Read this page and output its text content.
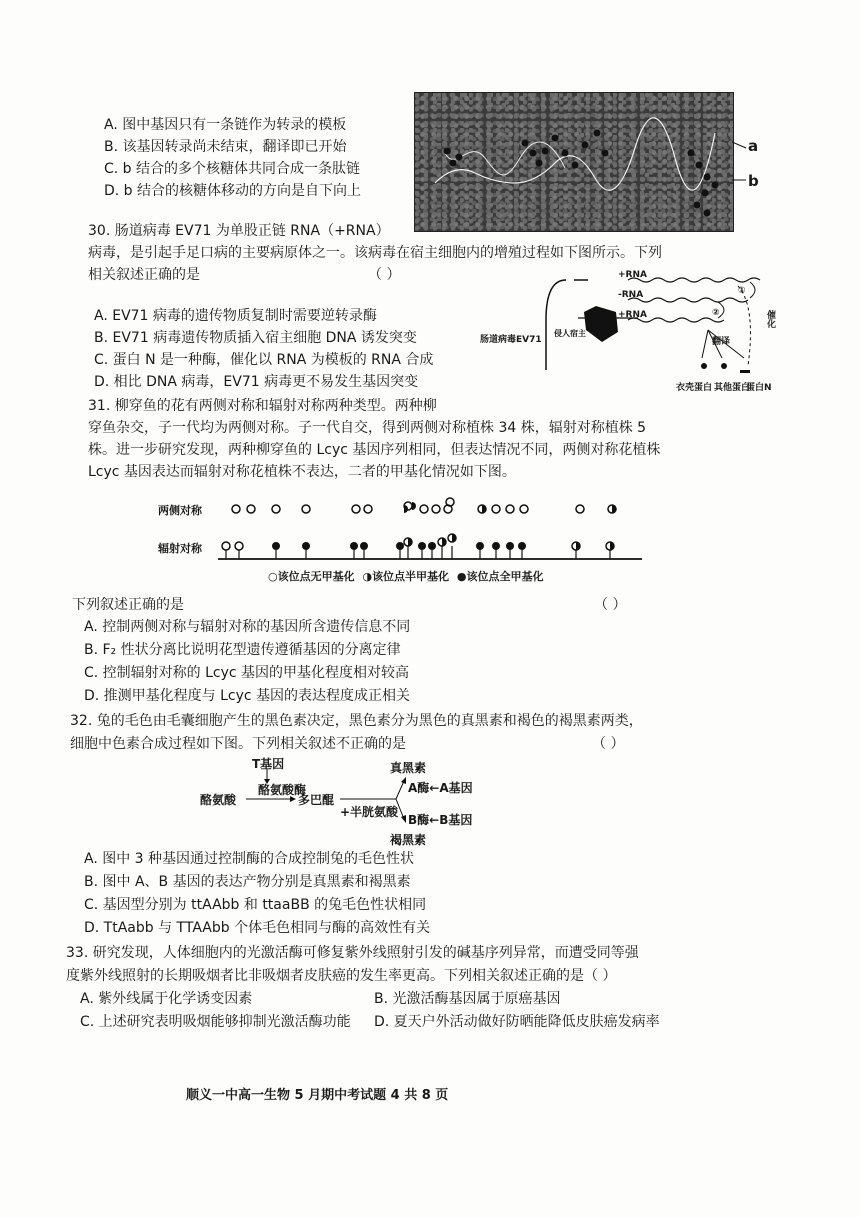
A. 图中基因只有一条链作为转录的模板
B. 该基因转录尚未结束，翻译即已开始
C. b 结合的多个核糖体共同合成一条肽链
D. b 结合的核糖体移动的方向是自下向上
a
b
30. 肠道病毒 EV71 为单股正链 RNA（+RNA）
病毒，是引起手足口病的主要病原体之一。该病毒在宿主细胞内的增殖过程如下图所示。下列
相关叙述正确的是	（ ）
A. EV71 病毒的遗传物质复制时需要逆转录酶
B. EV71 病毒遗传物质插入宿主细胞 DNA 诱发突变
C. 蛋白 N 是一种酶，催化以 RNA 为模板的 RNA 合成
D. 相比 DNA 病毒，EV71 病毒更不易发生基因突变
肠道病毒EV71
侵人宿主
+RNA
-RNA
+RNA
①
②
翻译
催化
衣壳蛋白 其他蛋白
蛋白N
31. 柳穿鱼的花有两侧对称和辐射对称两种类型。两种柳
穿鱼杂交，子一代均为两侧对称。子一代自交，得到两侧对称植株 34 株，辐射对称植株 5
株。进一步研究发现，两种柳穿鱼的 Lcyc 基因序列相同，但表达情况不同，两侧对称花植株
Lcyc 基因表达而辐射对称花植株不表达，二者的甲基化情况如下图。
两侧对称
辐射对称
○该位点无甲基化 ◑该位点半甲基化 ●该位点全甲基化
下列叙述正确的是	（ ）
A. 控制两侧对称与辐射对称的基因所含遗传信息不同
B. F₂ 性状分离比说明花型遗传遵循基因的分离定律
C. 控制辐射对称的 Lcyc 基因的甲基化程度相对较高
D. 推测甲基化程度与 Lcyc 基因的表达程度成正相关
32. 兔的毛色由毛囊细胞产生的黑色素决定，黑色素分为黑色的真黑素和褐色的褐黑素两类，
细胞中色素合成过程如下图。下列相关叙述不正确的是	（ ）
T基因
酪氨酸酶
酪氨酸	多巴醌
+半胱氨酸
真黑素
A酶←A基因
B酶←B基因
褐黑素
A. 图中 3 种基因通过控制酶的合成控制兔的毛色性状
B. 图中 A、B 基因的表达产物分别是真黑素和褐黑素
C. 基因型分别为 ttAAbb 和 ttaaBB 的兔毛色性状相同
D. TtAabb 与 TTAAbb 个体毛色相同与酶的高效性有关
33. 研究发现，人体细胞内的光激活酶可修复紫外线照射引发的碱基序列异常，而遭受同等强
度紫外线照射的长期吸烟者比非吸烟者皮肤癌的发生率更高。下列相关叙述正确的是（ ）
A. 紫外线属于化学诱变因素	B. 光激活酶基因属于原癌基因
C. 上述研究表明吸烟能够抑制光激活酶功能 D. 夏天户外活动做好防晒能降低皮肤癌发病率
顺义一中高一生物 5 月期中考试题 4 共 8 页
